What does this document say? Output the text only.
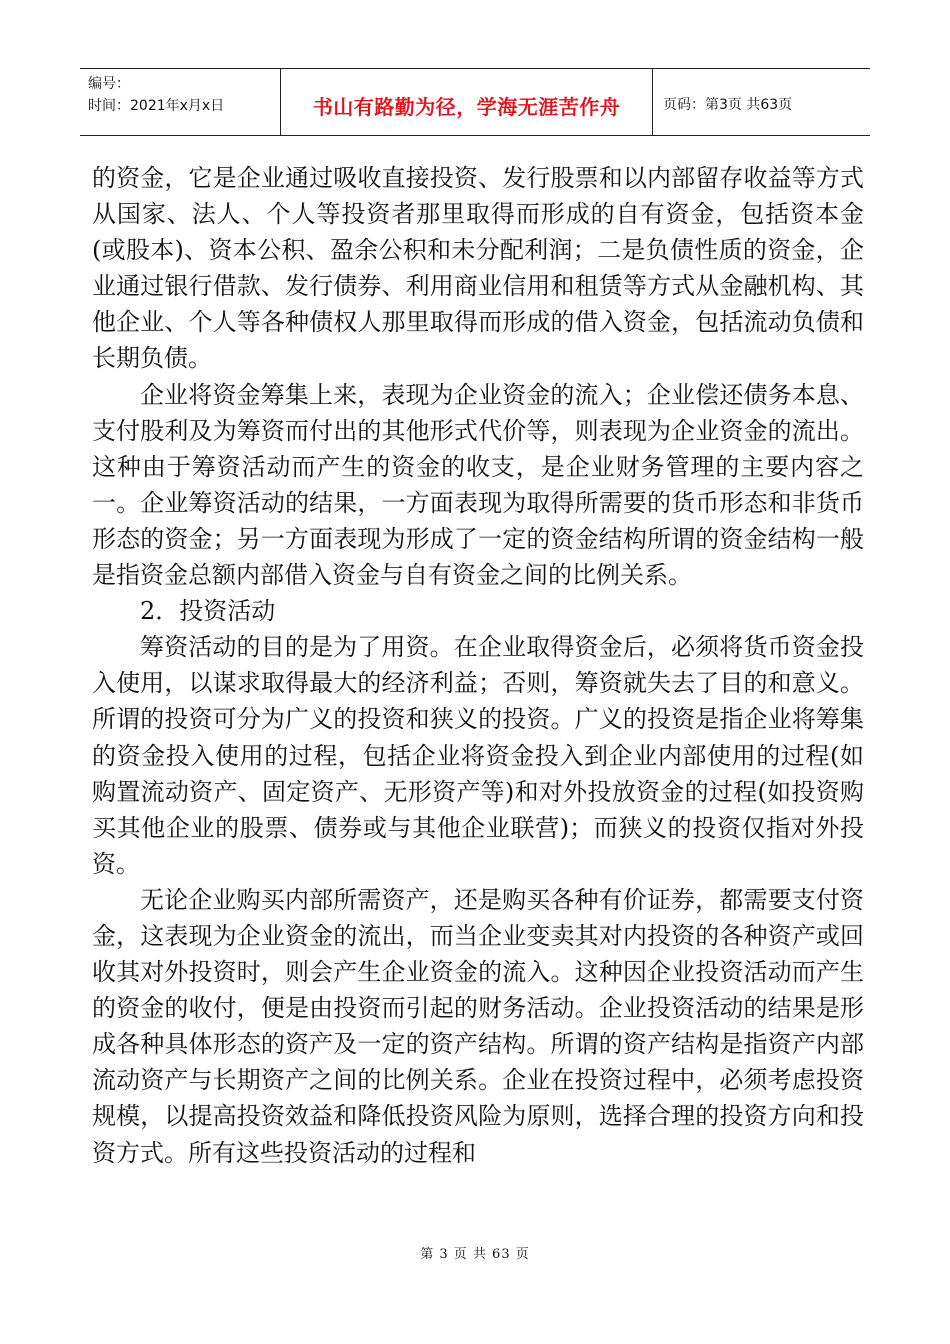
编号：
时间：2021年x月x日	书山有路勤为径，学海无涯苦作舟	页码：第3页 共63页

的资金，它是企业通过吸收直接投资、发行股票和以内部留存收益等方式从国家、法人、个人等投资者那里取得而形成的自有资金，包括资本金(或股本)、资本公积、盈余公积和未分配利润；二是负债性质的资金，企业通过银行借款、发行债券、利用商业信用和租赁等方式从金融机构、其他企业、个人等各种债权人那里取得而形成的借入资金，包括流动负债和长期负债。

企业将资金筹集上来，表现为企业资金的流入；企业偿还债务本息、支付股利及为筹资而付出的其他形式代价等，则表现为企业资金的流出。这种由于筹资活动而产生的资金的收支，是企业财务管理的主要内容之一。企业筹资活动的结果，一方面表现为取得所需要的货币形态和非货币形态的资金；另一方面表现为形成了一定的资金结构所谓的资金结构一般是指资金总额内部借入资金与自有资金之间的比例关系。

2．投资活动

筹资活动的目的是为了用资。在企业取得资金后，必须将货币资金投入使用，以谋求取得最大的经济利益；否则，筹资就失去了目的和意义。所谓的投资可分为广义的投资和狭义的投资。广义的投资是指企业将筹集的资金投入使用的过程，包括企业将资金投入到企业内部使用的过程(如购置流动资产、固定资产、无形资产等)和对外投放资金的过程(如投资购买其他企业的股票、债券或与其他企业联营)；而狭义的投资仅指对外投资。

无论企业购买内部所需资产，还是购买各种有价证券，都需要支付资金，这表现为企业资金的流出，而当企业变卖其对内投资的各种资产或回收其对外投资时，则会产生企业资金的流入。这种因企业投资活动而产生的资金的收付，便是由投资而引起的财务活动。企业投资活动的结果是形成各种具体形态的资产及一定的资产结构。所谓的资产结构是指资产内部流动资产与长期资产之间的比例关系。企业在投资过程中，必须考虑投资规模，以提高投资效益和降低投资风险为原则，选择合理的投资方向和投资方式。所有这些投资活动的过程和

第 3 页 共 63 页
